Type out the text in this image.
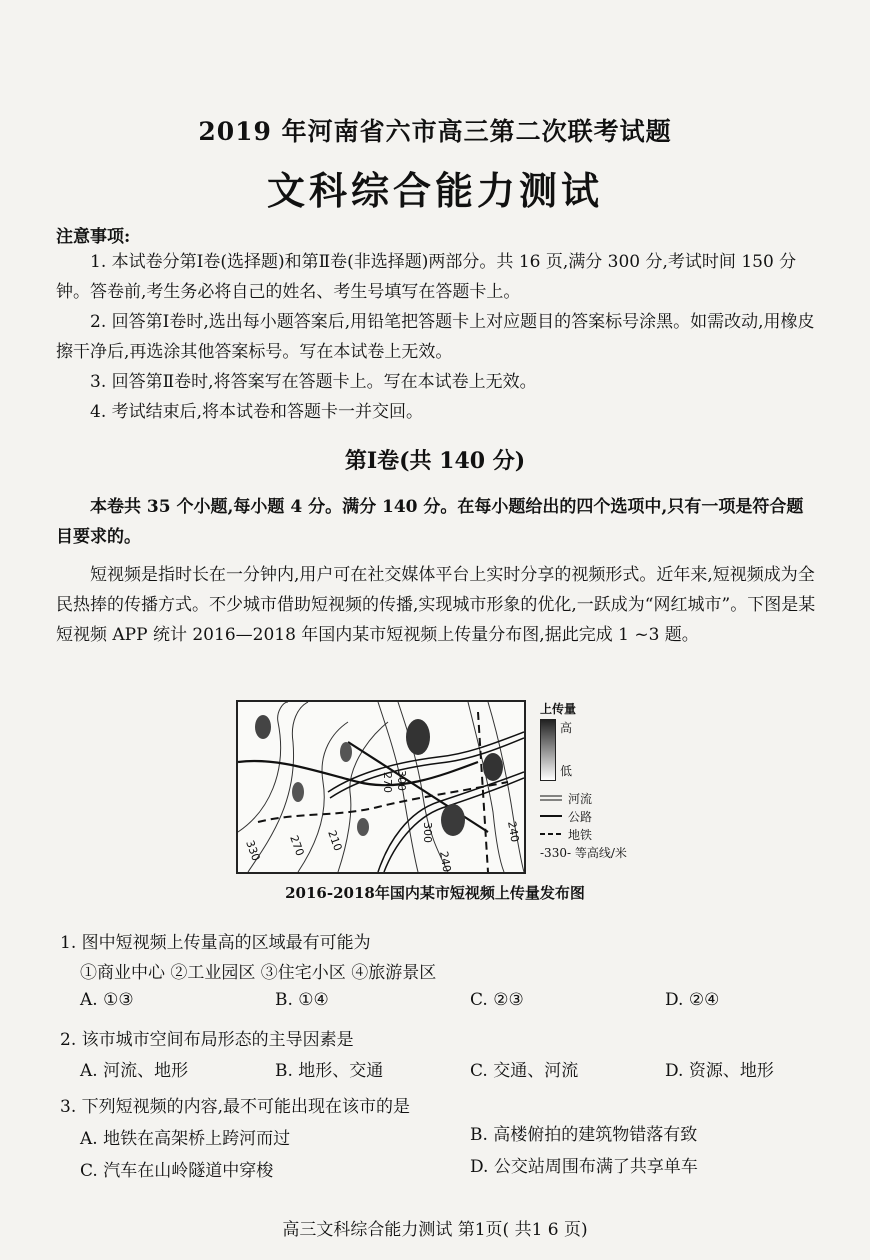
2019 年河南省六市高三第二次联考试题
文科综合能力测试
注意事项:
1. 本试卷分第Ⅰ卷(选择题)和第Ⅱ卷(非选择题)两部分。共 16 页,满分 300 分,考试时间 150 分钟。答卷前,考生务必将自己的姓名、考生号填写在答题卡上。
2. 回答第Ⅰ卷时,选出每小题答案后,用铅笔把答题卡上对应题目的答案标号涂黑。如需改动,用橡皮擦干净后,再选涂其他答案标号。写在本试卷上无效。
3. 回答第Ⅱ卷时,将答案写在答题卡上。写在本试卷上无效。
4. 考试结束后,将本试卷和答题卡一并交回。
第Ⅰ卷(共 140 分)
本卷共 35 个小题,每小题 4 分。满分 140 分。在每小题给出的四个选项中,只有一项是符合题目要求的。
短视频是指时长在一分钟内,用户可在社交媒体平台上实时分享的视频形式。近年来,短视频成为全民热捧的传播方式。不少城市借助短视频的传播,实现城市形象的优化,一跃成为“网红城市”。下图是某短视频 APP 统计 2016—2018 年国内某市短视频上传量分布图,据此完成 1 ~3 题。
300
270
210
270
330
300
240
240
上传量
高
低
河流
公路
地铁
-330- 等高线/米
2016-2018年国内某市短视频上传量发布图
1. 图中短视频上传量高的区域最有可能为
①商业中心 ②工业园区 ③住宅小区 ④旅游景区
A. ①③	B. ①④	C. ②③	D. ②④
2. 该市城市空间布局形态的主导因素是
A. 河流、地形	B. 地形、交通	C. 交通、河流	D. 资源、地形
3. 下列短视频的内容,最不可能出现在该市的是
A. 地铁在高架桥上跨河而过	B. 高楼俯拍的建筑物错落有致
C. 汽车在山岭隧道中穿梭	D. 公交站周围布满了共享单车
高三文科综合能力测试 第1页( 共1 6 页)
